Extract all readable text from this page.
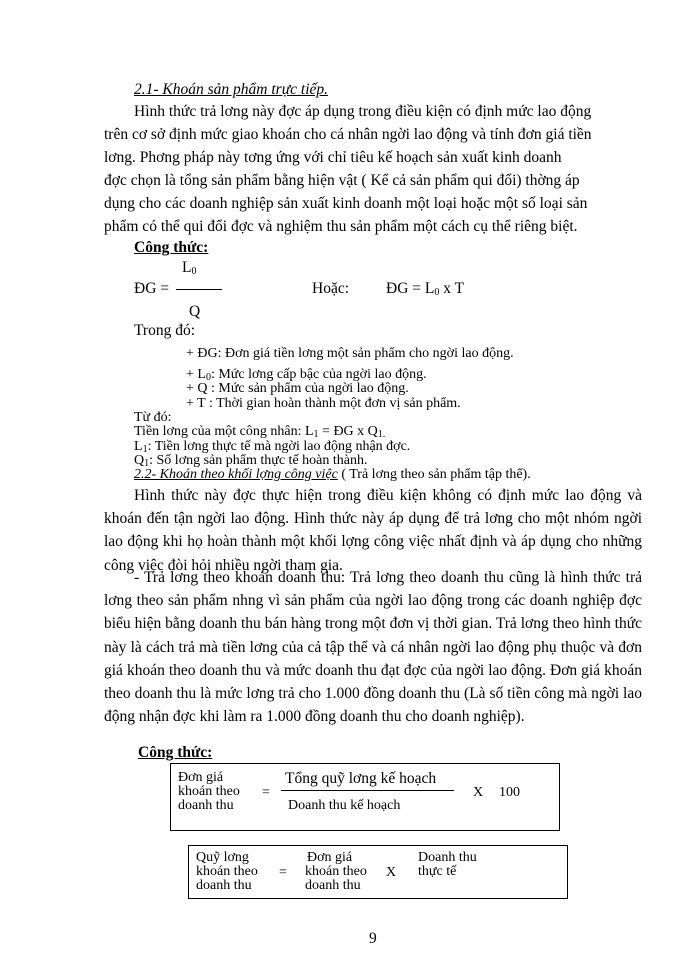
2.1- Khoán sản phẩm trực tiếp.
Hình thức trả lơng này đợc áp dụng trong điều kiện có định mức lao động
trên cơ sở định mức giao khoán cho cá nhân ngời lao động và tính đơn giá tiền
lơng. Phơng pháp này tơng ứng với chỉ tiêu kế hoạch sản xuất kinh doanh
đợc chọn là tổng sản phẩm bằng hiện vật ( Kể cả sản phẩm qui đổi) thờng áp
dụng cho các doanh nghiệp sản xuất kinh doanh một loại hoặc một số loại sản
phẩm có thể qui đổi đợc và nghiệm thu sản phẩm một cách cụ thể riêng biệt.
Công thức:
$L_0$
ĐG =
Q
Hoặc: ĐG = $L_0$ x T
Trong đó:
+ ĐG: Đơn giá tiền lơng một sản phẩm cho ngời lao động.
+ $L_0$: Mức lơng cấp bậc của ngời lao động.
+ Q : Mức sản phẩm của ngời lao động.
+ T : Thời gian hoàn thành một đơn vị sản phẩm.
Từ đó:
Tiền lơng của một công nhân: $L_1$ = ĐG x $Q_{1.}$
$L_1$: Tiền lơng thực tế mà ngời lao động nhận đợc.
$Q_1$: Số lơng sản phẩm thực tế hoàn thành.
2.2- Khoán theo khối lợng công việc ( Trả lơng theo sản phẩm tập thể).

Hình thức này đợc thực hiện trong điều kiện không có định mức lao động và khoán đến tận ngời lao động. Hình thức này áp dụng để trả lơng cho một nhóm ngời lao động khi họ hoàn thành một khối lợng công việc nhất định và áp dụng cho những công việc đòi hỏi nhiều ngời tham gia.

- Trả lơng theo khoán doanh thu: Trả lơng theo doanh thu cũng là hình thức trả lơng theo sản phẩm nhng vì sản phẩm của ngời lao động trong các doanh nghiệp đợc biểu hiện bằng doanh thu bán hàng trong một đơn vị thời gian. Trả lơng theo hình thức này là cách trả mà tiền lơng của cả tập thể và cá nhân ngời lao động phụ thuộc và đơn giá khoán theo doanh thu và mức doanh thu đạt đợc của ngời lao động. Đơn giá khoán theo doanh thu là mức lơng trả cho 1.000 đồng doanh thu (Là số tiền công mà ngời lao động nhận đợc khi làm ra 1.000 đồng doanh thu cho doanh nghiệp).

Công thức:
Đơn giá
khoán theo
doanh thu
=
Tổng quỹ lơng kế hoạch
Doanh thu kế hoạch
X 100
Quỹ lơng
khoán theo
doanh thu
=
Đơn giá
khoán theo
doanh thu
X
Doanh thu
thực tế
9
